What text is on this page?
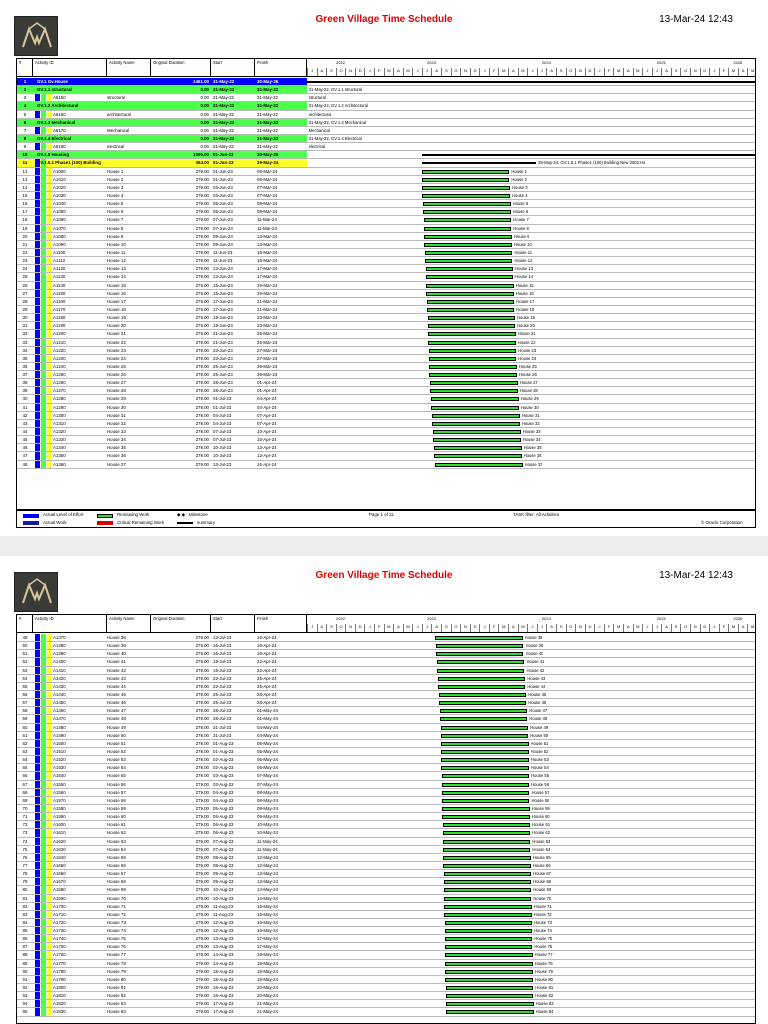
Green Village Time Schedule	13-Mar-24 12:43
#	Activity ID	Activity Name	Original Duration	Start	Finish
J	A	S	O	N	D	J	F	M	A	M	J	J	A	S	O	N	D	J	F	M	A	M	J	J	A	S	O	N	D	J	F	M	A	M	J	J	A	S	O	N	D	J	F	M	A	M
2022	2023	2024	2025	2026
1	GV.1 Gv.House	1461.00 31-May-22	30-May-26
2	GV.1.1 structural	0.00 31-May-22	31-May-22	31-May-22, GV.1.1 structural
3	A6150	structural	0.00 31-May-22	31-May-22	structural
4	GV.1.2 Architectural	0.00 31-May-22	31-May-22	31-May-22, GV.1.2 Architectural
5	A6160	architectural	0.00 31-May-22	31-May-22	architectural
6	GV.1.3 Mechanical	0.00 31-May-22	31-May-22	31-May-22, GV.1.3 Mechanical
7	A6170	Mechanical	0.00 31-May-22	31-May-22	Mechanical
8	GV.1.4 Electrical	0.00 31-May-22	31-May-22	31-May-22, GV.1.4 Electrical
9	A6180	electrical	0.00 31-May-22	31-May-22	electrical
10	GV.1.5 Housing	1095.00 01-Jun-23	30-May-26
11	GV.1.5.1 Phase1 (100) Building	364.00 01-Jun-23	29-May-24	29-May-24, GV.1.5.1 Phase1 (100) Building New 2003 Ha
12	A1000	House 1	279.00 01-Jun-23	05-Mar-24	House 1
13	A1010	House 2	279.00 01-Jun-23	05-Mar-24	House 2
14	A1020	House 3	279.00 03-Jun-23	07-Mar-24	House 3
15	A1030	House 4	279.00 03-Jun-23	07-Mar-24	House 4
16	A1040	House 5	279.00 05-Jun-23	09-Mar-24	House 5
17	A1050	House 6	279.00 05-Jun-23	09-Mar-24	House 6
18	A1060	House 7	279.00 07-Jun-23	11-Mar-24	House 7
19	A1070	House 8	279.00 07-Jun-23	11-Mar-24	House 8
20	A1080	House 9	279.00 09-Jun-23	13-Mar-24	House 9
21	A1090	House 10	279.00 09-Jun-23	13-Mar-24	House 10
22	A1100	House 11	279.00 11-Jun-23	15-Mar-24	House 11
23	A1110	House 12	279.00 11-Jun-23	15-Mar-24	House 12
24	A1120	House 13	279.00 13-Jun-23	17-Mar-24	House 13
25	A1130	House 14	279.00 13-Jun-23	17-Mar-24	House 14
26	A1140	House 15	279.00 15-Jun-23	19-Mar-24	House 15
27	A1150	House 16	279.00 15-Jun-23	19-Mar-24	House 16
28	A1160	House 17	279.00 17-Jun-23	21-Mar-24	House 17
29	A1170	House 18	279.00 17-Jun-23	21-Mar-24	House 18
30	A1180	House 19	279.00 19-Jun-23	23-Mar-24	House 19
31	A1190	House 20	279.00 19-Jun-23	23-Mar-24	House 20
32	A1200	House 21	279.00 21-Jun-23	25-Mar-24	House 21
33	A1210	House 22	279.00 21-Jun-23	25-Mar-24	House 22
34	A1220	House 23	279.00 23-Jun-23	27-Mar-24	House 23
35	A1230	House 24	279.00 23-Jun-23	27-Mar-24	House 24
36	A1240	House 25	279.00 25-Jun-23	29-Mar-24	House 25
37	A1250	House 26	279.00 25-Jun-23	29-Mar-24	House 26
38	A1260	House 27	279.00 28-Jun-23	01-Apr-24	House 27
39	A1270	House 28	279.00 28-Jun-23	01-Apr-24	House 28
40	A1280	House 29	279.00 01-Jul-23	04-Apr-24	House 29
41	A1290	House 30	279.00 01-Jul-23	04-Apr-24	House 30
42	A1300	House 31	279.00 04-Jul-23	07-Apr-24	House 31
43	A1310	House 32	279.00 04-Jul-23	07-Apr-24	House 32
44	A1320	House 33	279.00 07-Jul-23	10-Apr-24	House 33
45	A1330	House 34	279.00 07-Jul-23	10-Apr-24	House 34
46	A1340	House 35	279.00 10-Jul-23	13-Apr-24	House 35
47	A1350	House 36	279.00 10-Jul-23	13-Apr-24	House 36
48	A1360	House 37	279.00 13-Jul-23	16-Apr-24	House 37
Actual Level of Effort
Actual Work
Remaining Work
Critical Remaining Work
◆ ◆ Milestone
summary
Page 1 of 11	TASK filter: All Activities
© Oracle Corporation
Green Village Time Schedule	13-Mar-24 12:43
#	Activity ID	Activity Name	Original Duration	Start	Finish
J	A	S	O	N	D	J	F	M	A	M	J	J	A	S	O	N	D	J	F	M	A	M	J	J	A	S	O	N	D	J	F	M	A	M	J	J	A	S	O	N	D	J	F	M	A	M
2022	2023	2024	2025	2026
49	A1370	House 38	279.00 13-Jul-23	16-Apr-24	House 38
50	A1380	House 39	279.00 16-Jul-23	19-Apr-24	House 39
51	A1390	House 40	279.00 16-Jul-23	19-Apr-24	House 40
52	A1400	House 41	279.00 19-Jul-23	22-Apr-24	House 41
53	A1410	House 42	279.00 19-Jul-23	22-Apr-24	House 42
54	A1420	House 43	279.00 22-Jul-23	25-Apr-24	House 43
55	A1430	House 44	279.00 22-Jul-23	25-Apr-24	House 44
56	A1440	House 45	279.00 25-Jul-23	28-Apr-24	House 45
57	A1450	House 46	279.00 25-Jul-23	28-Apr-24	House 46
58	A1460	House 47	279.00 28-Jul-23	01-May-24	House 47
59	A1470	House 48	279.00 28-Jul-23	01-May-24	House 48
60	A1480	House 49	279.00 31-Jul-23	04-May-24	House 49
61	A1490	House 50	279.00 31-Jul-23	04-May-24	House 50
62	A1500	House 51	279.00 01-Aug-23	05-May-24	House 51
63	A1510	House 52	279.00 01-Aug-23	05-May-24	House 52
64	A1520	House 53	279.00 02-Aug-23	06-May-24	House 53
65	A1530	House 54	279.00 02-Aug-23	06-May-24	House 54
66	A1540	House 55	279.00 03-Aug-23	07-May-24	House 55
67	A1550	House 56	279.00 03-Aug-23	07-May-24	House 56
68	A1560	House 57	279.00 04-Aug-23	08-May-24	House 57
69	A1570	House 58	279.00 04-Aug-23	08-May-24	House 58
70	A1580	House 59	279.00 05-Aug-23	09-May-24	House 59
71	A1590	House 60	279.00 05-Aug-23	09-May-24	House 60
72	A1600	House 61	279.00 06-Aug-23	10-May-24	House 61
73	A1610	House 62	279.00 06-Aug-23	10-May-24	House 62
74	A1620	House 63	279.00 07-Aug-23	11-May-24	House 63
75	A1630	House 64	279.00 07-Aug-23	11-May-24	House 64
76	A1640	House 65	279.00 08-Aug-23	12-May-24	House 65
77	A1650	House 66	279.00 08-Aug-23	12-May-24	House 66
78	A1660	House 67	279.00 09-Aug-23	13-May-24	House 67
79	A1670	House 68	279.00 09-Aug-23	13-May-24	House 68
80	A1680	House 69	279.00 10-Aug-23	14-May-24	House 69
81	A1690	House 70	279.00 10-Aug-23	14-May-24	House 70
82	A1700	House 71	279.00 11-Aug-23	15-May-24	House 71
83	A1710	House 72	279.00 11-Aug-23	15-May-24	House 72
84	A1720	House 73	279.00 12-Aug-23	16-May-24	House 73
85	A1730	House 74	279.00 12-Aug-23	16-May-24	House 74
86	A1740	House 75	279.00 13-Aug-23	17-May-24	House 75
87	A1750	House 76	279.00 13-Aug-23	17-May-24	House 76
88	A1760	House 77	279.00 14-Aug-23	18-May-24	House 77
89	A1770	House 78	279.00 14-Aug-23	18-May-24	House 78
90	A1780	House 79	279.00 15-Aug-23	19-May-24	House 79
91	A1790	House 80	279.00 15-Aug-23	19-May-24	House 80
92	A1800	House 81	279.00 16-Aug-23	20-May-24	House 81
93	A1810	House 82	279.00 16-Aug-23	20-May-24	House 82
94	A1820	House 83	279.00 17-Aug-23	21-May-24	House 83
95	A1830	House 84	279.00 17-Aug-23	21-May-24	House 84
